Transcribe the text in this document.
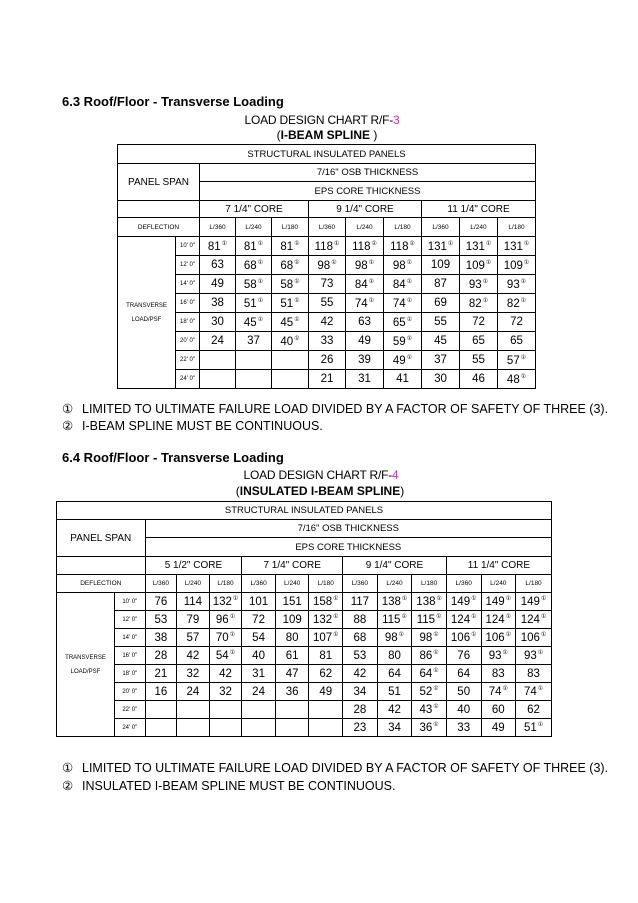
6.3 Roof/Floor - Transverse Loading
LOAD DESIGN CHART R/F-3
(I-BEAM SPLINE )
STRUCTURAL INSULATED PANELS										
PANEL SPAN		7/16" OSB THICKNESS								
		EPS CORE THICKNESS								
		7 1/4" CORE			9 1/4" CORE			11 1/4" CORE		
DEFLECTION		L/360	L/240	L/180	L/360	L/240	L/180	L/360	L/240	L/180

TRANSVERSE
LOAD/PSF	10' 0"	81①	81①	81①	118①	118①	118①	131①	131①	131①
	12' 0"	63	68①	68①	98①	98①	98①	109	109①	109①
	14' 0"	49	58①	58①	73	84①	84①	87	93①	93①
	16' 0"	38	51①	51①	55	74①	74①	69	82①	82①
	18' 0"	30	45①	45①	42	63	65①	55	72	72
	20' 0"	24	37	40①	33	49	59①	45	65	65
	22' 0"				26	39	49①	37	55	57①
	24' 0"				21	31	41	30	46	48①
① LIMITED TO ULTIMATE FAILURE LOAD DIVIDED BY A FACTOR OF SAFETY OF THREE (3).
② I-BEAM SPLINE MUST BE CONTINUOUS.
6.4 Roof/Floor - Transverse Loading
LOAD DESIGN CHART R/F-4
(INSULATED I-BEAM SPLINE)
STRUCTURAL INSULATED PANELS													
PANEL SPAN		7/16" OSB THICKNESS											
		EPS CORE THICKNESS											
		5 1/2" CORE			7 1/4" CORE			9 1/4" CORE			11 1/4" CORE		
DEFLECTION		L/360	L/240	L/180	L/360	L/240	L/180	L/360	L/240	L/180	L/360	L/240	L/180

TRANSVERSE
LOAD/PSF	10' 0"	76	114	132①	101	151	158①	117	138①	138①	149①	149①	149①
	12' 0"	53	79	96①	72	109	132①	88	115①	115①	124①	124①	124①
	14' 0"	38	57	70①	54	80	107①	68	98①	98①	106①	106①	106①
	16' 0"	28	42	54①	40	61	81	53	80	86①	76	93①	93①
	18' 0"	21	32	42	31	47	62	42	64	64①	64	83	83
	20' 0"	16	24	32	24	36	49	34	51	52①	50	74①	74①
	22' 0"							28	42	43①	40	60	62
	24' 0"							23	34	36①	33	49	51①
① LIMITED TO ULTIMATE FAILURE LOAD DIVIDED BY A FACTOR OF SAFETY OF THREE (3).
② INSULATED I-BEAM SPLINE MUST BE CONTINUOUS.
